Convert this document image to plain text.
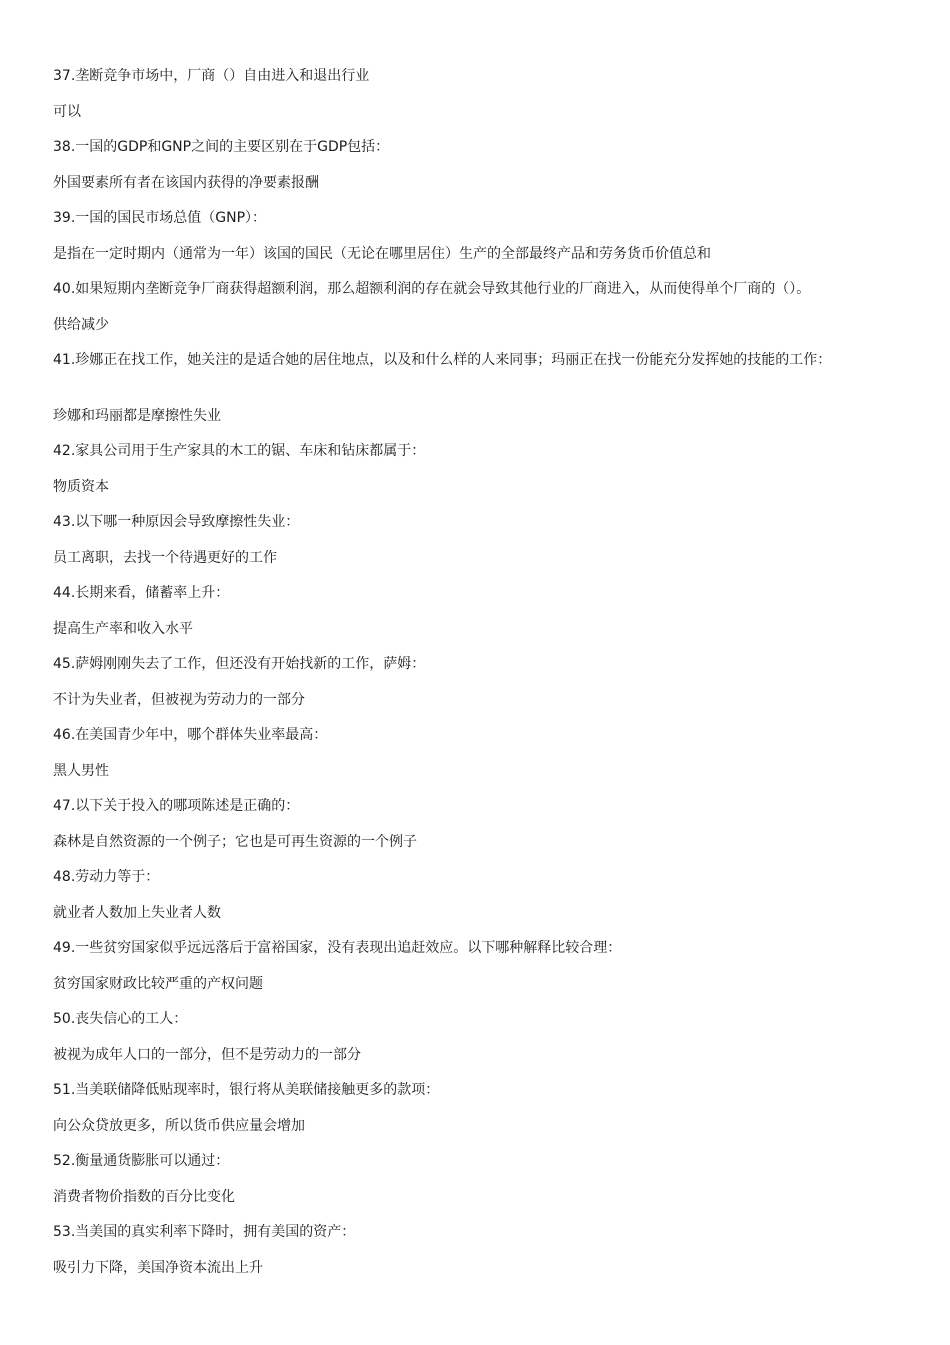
37.垄断竞争市场中，厂商（）自由进入和退出行业
可以
38.一国的GDP和GNP之间的主要区别在于GDP包括：
外国要素所有者在该国内获得的净要素报酬
39.一国的国民市场总值（GNP）：
是指在一定时期内（通常为一年）该国的国民（无论在哪里居住）生产的全部最终产品和劳务货币价值总和
40.如果短期内垄断竞争厂商获得超额利润，那么超额利润的存在就会导致其他行业的厂商进入，从而使得单个厂商的（）。
供给减少
41.珍娜正在找工作，她关注的是适合她的居住地点，以及和什么样的人来同事；玛丽正在找一份能充分发挥她的技能的工作：
珍娜和玛丽都是摩擦性失业
42.家具公司用于生产家具的木工的锯、车床和钻床都属于：
物质资本
43.以下哪一种原因会导致摩擦性失业：
员工离职，去找一个待遇更好的工作
44.长期来看，储蓄率上升：
提高生产率和收入水平
45.萨姆刚刚失去了工作，但还没有开始找新的工作，萨姆：
不计为失业者，但被视为劳动力的一部分
46.在美国青少年中，哪个群体失业率最高：
黑人男性
47.以下关于投入的哪项陈述是正确的：
森林是自然资源的一个例子；它也是可再生资源的一个例子
48.劳动力等于：
就业者人数加上失业者人数
49.一些贫穷国家似乎远远落后于富裕国家，没有表现出追赶效应。以下哪种解释比较合理：
贫穷国家财政比较严重的产权问题
50.丧失信心的工人：
被视为成年人口的一部分，但不是劳动力的一部分
51.当美联储降低贴现率时，银行将从美联储接触更多的款项：
向公众贷放更多，所以货币供应量会增加
52.衡量通货膨胀可以通过：
消费者物价指数的百分比变化
53.当美国的真实利率下降时，拥有美国的资产：
吸引力下降，美国净资本流出上升
